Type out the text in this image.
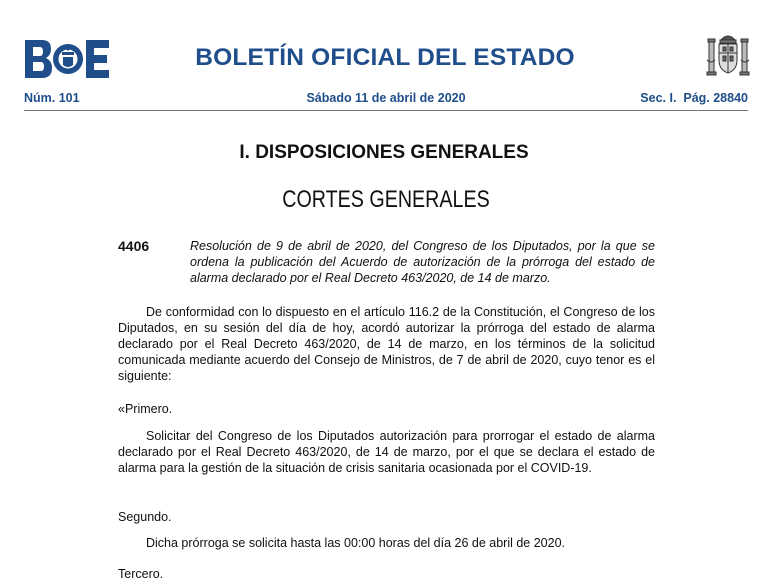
BOLETÍN OFICIAL DEL ESTADO
Núm. 101	Sábado 11 de abril de 2020	Sec. I.  Pág. 28840
I. DISPOSICIONES GENERALES
CORTES GENERALES
4406	Resolución de 9 de abril de 2020, del Congreso de los Diputados, por la que se ordena la publicación del Acuerdo de autorización de la prórroga del estado de alarma declarado por el Real Decreto 463/2020, de 14 de marzo.
De conformidad con lo dispuesto en el artículo 116.2 de la Constitución, el Congreso de los Diputados, en su sesión del día de hoy, acordó autorizar la prórroga del estado de alarma declarado por el Real Decreto 463/2020, de 14 de marzo, en los términos de la solicitud comunicada mediante acuerdo del Consejo de Ministros, de 7 de abril de 2020, cuyo tenor es el siguiente:
«Primero.
Solicitar del Congreso de los Diputados autorización para prorrogar el estado de alarma declarado por el Real Decreto 463/2020, de 14 de marzo, por el que se declara el estado de alarma para la gestión de la situación de crisis sanitaria ocasionada por el COVID-19.
Segundo.
Dicha prórroga se solicita hasta las 00:00 horas del día 26 de abril de 2020.
Tercero.
